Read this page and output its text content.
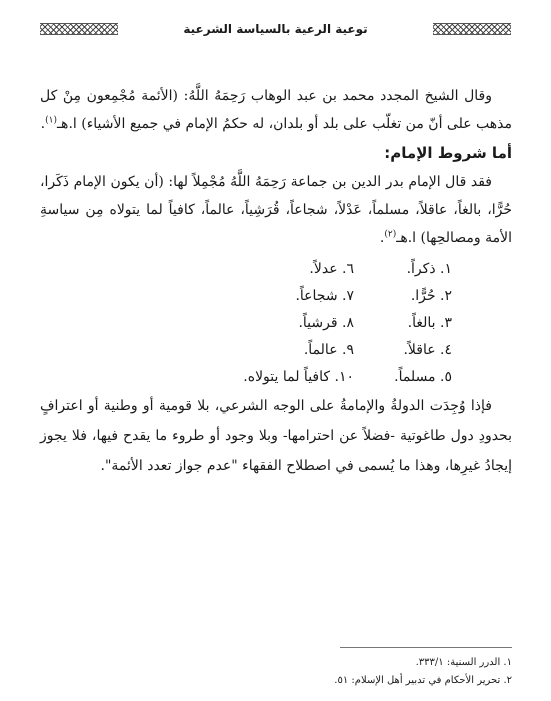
توعية الرعية بالسياسة الشرعية

وقال الشيخ المجدد محمد بن عبد الوهاب رَحِمَهُ اللَّهُ: (الأئمة مُجْمِعون مِنْ كل مذهب على أنّ من تغلّب على بلد أو بلدان، له حكمُ الإمام في جميع الأشياء) ا.هـ$^{(١)}$.

أما شروط الإمام:

فقد قال الإمام بدر الدين بن جماعة رَحِمَهُ اللَّهُ مُجْمِلاً لها: (أن يكون الإمام ذَكَرا، حُرًّا، بالغاً، عاقلاً، مسلماً، عَدْلاً، شجاعاً، قُرَشِياً، عالماً، كافياً لما يتولاه مِن سياسةِ الأمة ومصالحِها) ا.هـ$^{(٢)}$.

١. ذكراً.
٦. عدلاً.
٢. حُرًّا.
٧. شجاعاً.
٣. بالغاً.
٨. قرشياً.
٤. عاقلاً.
٩. عالماً.
٥. مسلماً.
١٠. كافياً لما يتولاه.

فإذا وُجِدَت الدولةُ والإمامةُ على الوجه الشرعي، بلا قومية أو وطنية أو اعترافٍ بحدودِ دول طاغوتية -فضلاً عن احترامها- وبلا وجود أو طروء ما يقدح فيها، فلا يجوز إيجادُ غيرِها، وهذا ما يُسمى في اصطلاح الفقهاء "عدم جواز تعدد الأئمة".

١. الدرر السنية: ٣٣٣/١.
٢. تحرير الأحكام في تدبير أهل الإسلام: ٥١.
